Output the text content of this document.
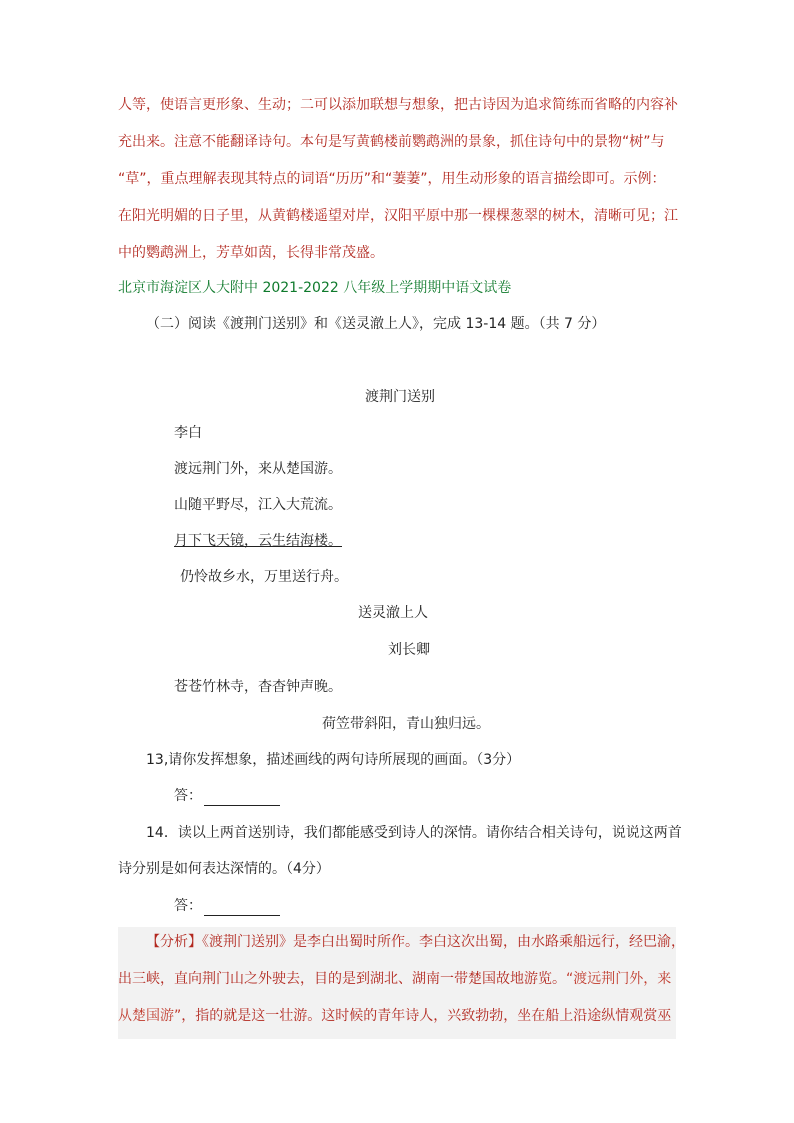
人等，使语言更形象、生动；二可以添加联想与想象，把古诗因为追求简练而省略的内容补
充出来。注意不能翻译诗句。本句是写黄鹤楼前鹦鹉洲的景象，抓住诗句中的景物“树”与
“草”，重点理解表现其特点的词语“历历”和“萋萋”，用生动形象的语言描绘即可。示例：
在阳光明媚的日子里，从黄鹤楼遥望对岸，汉阳平原中那一棵棵葱翠的树木，清晰可见；江
中的鹦鹉洲上，芳草如茵，长得非常茂盛。
北京市海淀区人大附中 2021-2022 八年级上学期期中语文试卷
（二）阅读《渡荆门送别》和《送灵澈上人》，完成 13-14 题。（共 7 分）
渡荆门送别
李白
渡远荆门外，来从楚国游。
山随平野尽，江入大荒流。
月下飞天镜，云生结海楼。
仍怜故乡水，万里送行舟。
送灵澈上人
刘长卿
苍苍竹林寺，杳杳钟声晚。
荷笠带斜阳，青山独归远。
13,请你发挥想象，描述画线的两句诗所展现的画面。（3分）
答：
14．读以上两首送别诗，我们都能感受到诗人的深情。请你结合相关诗句，说说这两首
诗分别是如何表达深情的。（4分）
答：
【分析】《渡荆门送别》是李白出蜀时所作。李白这次出蜀，由水路乘船远行，经巴渝，
出三峡，直向荆门山之外驶去，目的是到湖北、湖南一带楚国故地游览。“渡远荆门外，来
从楚国游”，指的就是这一壮游。这时候的青年诗人，兴致勃勃，坐在船上沿途纵情观赏巫
